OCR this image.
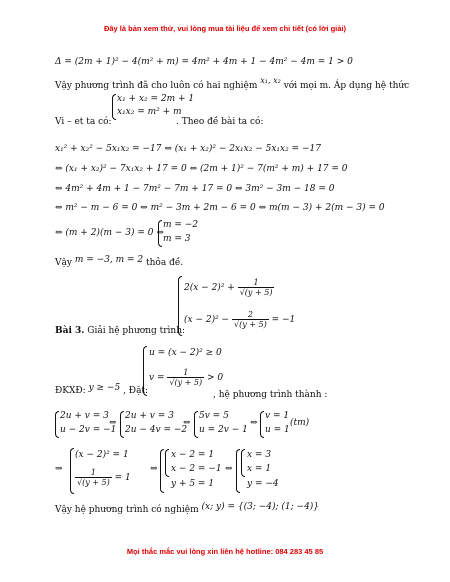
Đây là bản xem thử, vui lòng mua tài liệu để xem chi tiết (có lời giải)
Δ = (2m + 1)² − 4(m² + m) = 4m² + 4m + 1 − 4m² − 4m = 1 > 0
Vậy phương trình đã cho luôn có hai nghiệm x₁, x₂ với mọi m. Áp dụng hệ thức
x₁ + x₂ = 2m + 1
x₁x₂ = m² + m
Vi – et ta có:	. Theo đề bài ta có:
x₁² + x₂² − 5x₁x₂ = −17 ⇔ (x₁ + x₂)² − 2x₁x₂ − 5x₁x₂ = −17
⇔ (x₁ + x₂)² − 7x₁x₂ + 17 = 0 ⇔ (2m + 1)² − 7(m² + m) + 17 = 0
⇔ 4m² + 4m + 1 − 7m² − 7m + 17 = 0 ⇔ 3m² − 3m − 18 = 0
⇔ m² − m − 6 = 0 ⇔ m² − 3m + 2m − 6 = 0 ⇔ m(m − 3) + 2(m − 3) = 0
⇔ (m + 2)(m − 3) = 0 ⇔
m = −2
m = 3
Vậy m = −3, m = 2 thỏa đề.
$2(x - 2)^2 + \frac{1}{√(y + 5)}$
$(x - 2)^2 - \frac{2}{√(y + 5)} = -1$
Bài 3. Giải hệ phương trình:
u = (x − 2)² ≥ 0
$v = \frac{1}{√(y + 5)} > 0$
ĐKXĐ: y ≥ −5 , Đặt:	, hệ phương trình thành :
2u + v = 3
u − 2v = −1
⇔
2u + v = 3
2u − 4v = −2
⇔
5v = 5
u = 2v − 1
⇔
v = 1
u = 1
(tm)
⇒
(x − 2)² = 1
$\frac{1}{√(y + 5)} = 1$
⇔
x − 2 = 1
x − 2 = −1
y + 5 = 1
⇔
x = 3
x = 1
y = −4
Vậy hệ phương trình có nghiệm (x; y) = {(3; −4); (1; −4)}
Mọi thắc mắc vui lòng xin liên hệ hotline: 084 283 45 85
